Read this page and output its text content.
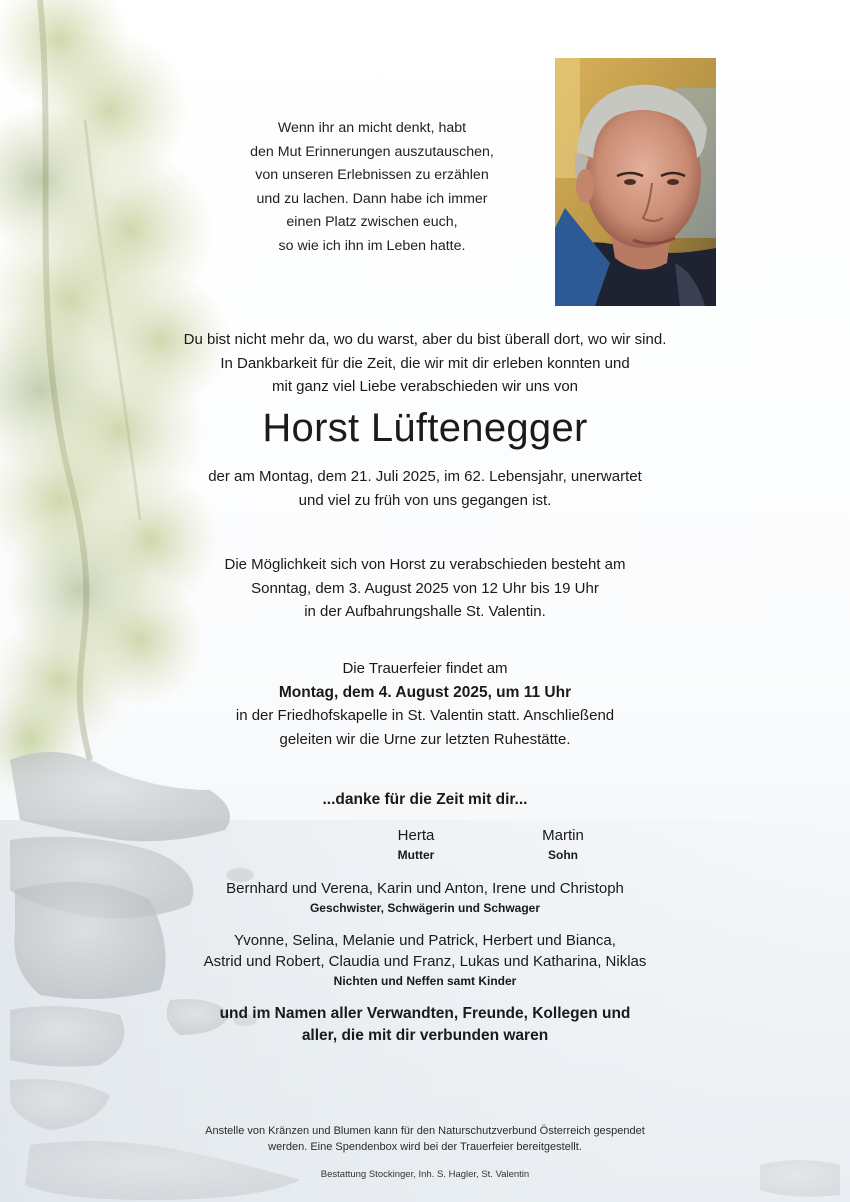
Wenn ihr an micht denkt, habt
den Mut Erinnerungen auszutauschen,
von unseren Erlebnissen zu erzählen
und zu lachen. Dann habe ich immer
einen Platz zwischen euch,
so wie ich ihn im Leben hatte.
Du bist nicht mehr da, wo du warst, aber du bist überall dort, wo wir sind.
In Dankbarkeit für die Zeit, die wir mit dir erleben konnten und
mit ganz viel Liebe verabschieden wir uns von
Horst Lüftenegger
der am Montag, dem 21. Juli 2025, im 62. Lebensjahr, unerwartet
und viel zu früh von uns gegangen ist.
Die Möglichkeit sich von Horst zu verabschieden besteht am
Sonntag, dem 3. August 2025 von 12 Uhr bis 19 Uhr
in der Aufbahrungshalle St. Valentin.
Die Trauerfeier findet am
Montag, dem 4. August 2025, um 11 Uhr
in der Friedhofskapelle in St. Valentin statt. Anschließend
geleiten wir die Urne zur letzten Ruhestätte.
...danke für die Zeit mit dir...
Herta
Mutter
Martin
Sohn
Bernhard und Verena, Karin und Anton, Irene und Christoph
Geschwister, Schwägerin und Schwager
Yvonne, Selina, Melanie und Patrick, Herbert und Bianca,
Astrid und Robert, Claudia und Franz, Lukas und Katharina, Niklas
Nichten und Neffen samt Kinder
und im Namen aller Verwandten, Freunde, Kollegen und
aller, die mit dir verbunden waren
Anstelle von Kränzen und Blumen kann für den Naturschutzverbund Österreich gespendet
werden. Eine Spendenbox wird bei der Trauerfeier bereitgestellt.
Bestattung Stockinger, Inh. S. Hagler, St. Valentin
